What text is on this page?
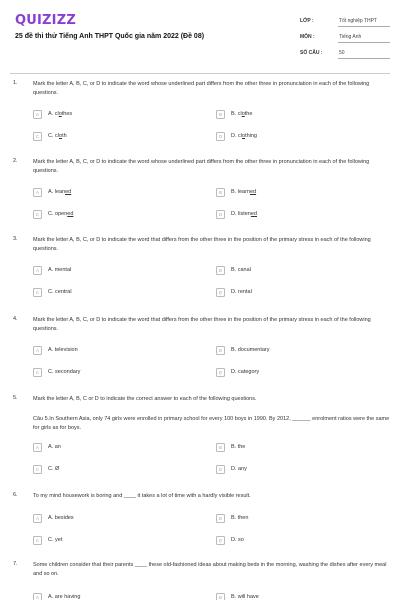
QUIZIZZ
25 đề thi thử Tiếng Anh THPT Quốc gia năm 2022 (Đề 08)
LỚP :	Tốt nghiệp THPT
MÔN :	Tiếng Anh
SỐ CÂU :	50
1.	Mark the letter A, B, C, or D to indicate the word whose underlined part differs from the other three in pronunciation in each of the following questions.
A	A. clothes	B	B. clothe
C	C. cloth	D	D. clothing
2.	Mark the letter A, B, C, or D to indicate the word whose underlined part differs from the other three in pronunciation in each of the following questions.
A	A. leaned	B	B. learned
C	C. opened	D	D. listened
3.	Mark the letter A, B, C, or D to indicate the word that differs from the other three in the position of the primary stress in each of the following questions.
A	A. mental	B	B. canal
C	C. central	D	D. rental
4.	Mark the letter A, B, C, or D to indicate the word that differs from the other three in the position of the primary stress in each of the following questions.
A	A. television	B	B. documentary
C	C. secondary	D	D. category
5.	Mark the letter A, B, C or D to indicate the correct answer to each of the following questions.
Câu 5.In Southern Asia, only 74 girls were enrolled in primary school for every 100 boys in 1990. By 2012, ______ enrolment ratios were the same for girls as for boys.
A	A. an	B	B. the
C	C. Ø	D	D. any
6.	To my mind housework is boring and ____ it takes a lot of time with a hardly visible result.
A	A. besides	B	B. then
C	C. yet	D	D. so
7.	Some children consider that their parents ____ these old-fashioned ideas about making beds in the morning, washing the dishes after every meal and so on.
A	A. are having	B	B. will have
